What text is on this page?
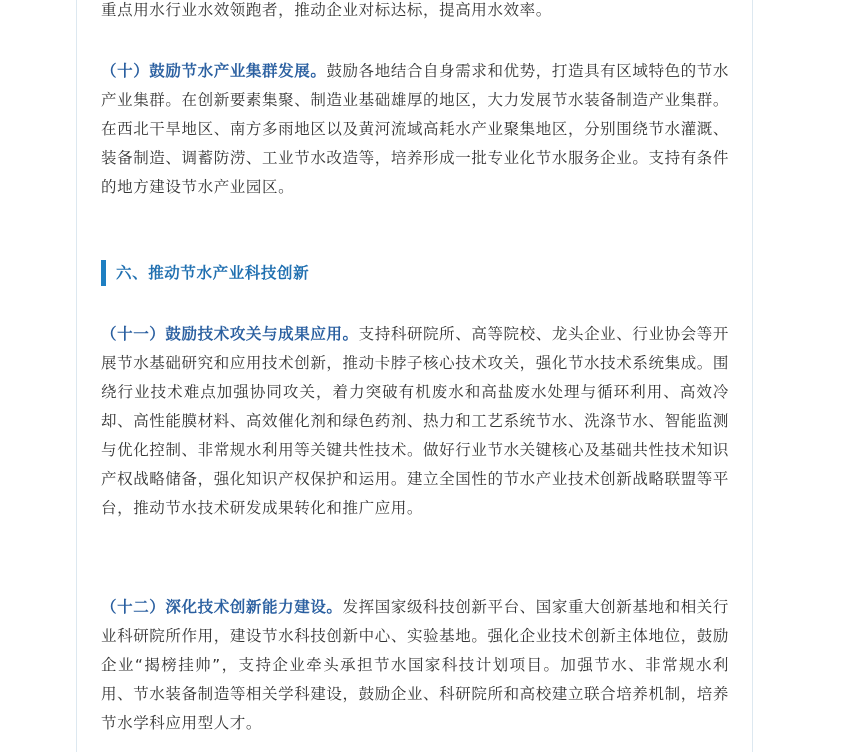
重点用水行业水效领跑者，推动企业对标达标，提高用水效率。

（十）鼓励节水产业集群发展。鼓励各地结合自身需求和优势，打造具有区域特色的节水产业集群。在创新要素集聚、制造业基础雄厚的地区，大力发展节水装备制造产业集群。在西北干旱地区、南方多雨地区以及黄河流域高耗水产业聚集地区，分别围绕节水灌溉、装备制造、调蓄防涝、工业节水改造等，培养形成一批专业化节水服务企业。支持有条件的地方建设节水产业园区。

六、推动节水产业科技创新

（十一）鼓励技术攻关与成果应用。支持科研院所、高等院校、龙头企业、行业协会等开展节水基础研究和应用技术创新，推动卡脖子核心技术攻关，强化节水技术系统集成。围绕行业技术难点加强协同攻关，着力突破有机废水和高盐废水处理与循环利用、高效冷却、高性能膜材料、高效催化剂和绿色药剂、热力和工艺系统节水、洗涤节水、智能监测与优化控制、非常规水利用等关键共性技术。做好行业节水关键核心及基础共性技术知识产权战略储备，强化知识产权保护和运用。建立全国性的节水产业技术创新战略联盟等平台，推动节水技术研发成果转化和推广应用。

（十二）深化技术创新能力建设。发挥国家级科技创新平台、国家重大创新基地和相关行业科研院所作用，建设节水科技创新中心、实验基地。强化企业技术创新主体地位，鼓励企业“揭榜挂帅”，支持企业牵头承担节水国家科技计划项目。加强节水、非常规水利用、节水装备制造等相关学科建设，鼓励企业、科研院所和高校建立联合培养机制，培养节水学科应用型人才。
